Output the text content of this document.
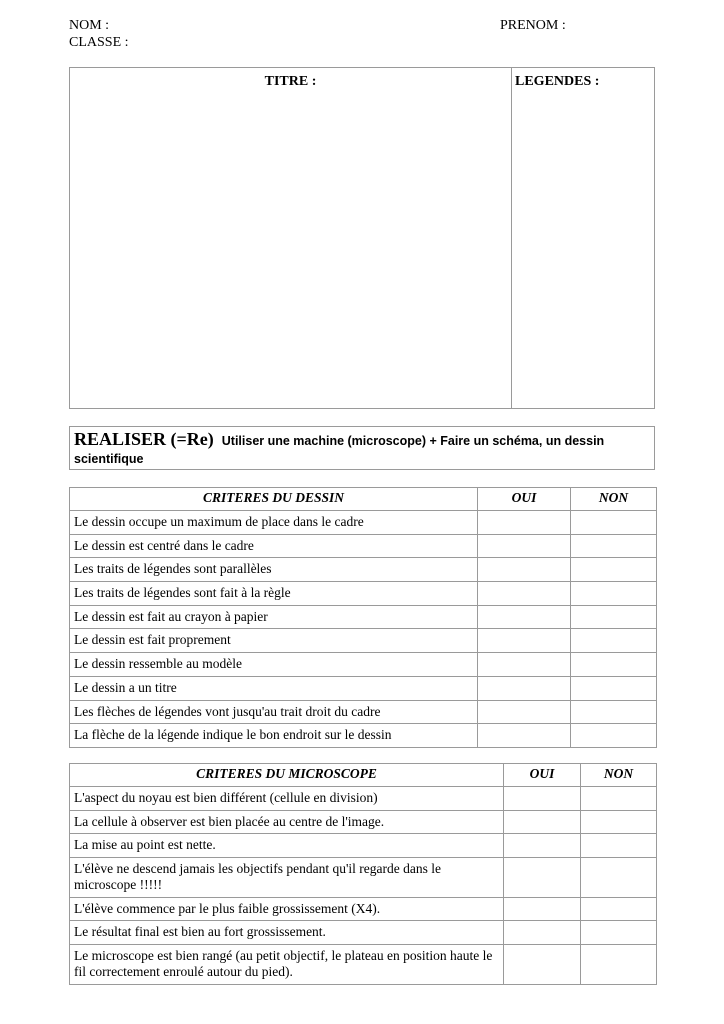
NOM :	PRENOM :
CLASSE :
TITRE :	LEGENDES :
REALISER (=Re) Utiliser une machine (microscope) + Faire un schéma, un dessin scientifique
CRITERES DU DESSIN	OUI	NON
Le dessin occupe un maximum de place dans le cadre		
Le dessin est centré dans le cadre		
Les traits de légendes sont parallèles		
Les traits de légendes sont fait à la règle		
Le dessin est fait au crayon à papier		
Le dessin est fait proprement		
Le dessin ressemble au modèle		
Le dessin a un titre		
Les flèches de légendes vont jusqu'au trait droit du cadre		
La flèche de la légende indique le bon endroit sur le dessin		
CRITERES DU MICROSCOPE	OUI	NON
L'aspect du noyau est bien différent (cellule en division)		
La cellule à observer est bien placée au centre de l'image.		
La mise au point est nette.		
L'élève ne descend jamais les objectifs pendant qu'il regarde dans le microscope !!!!!		
L'élève commence par le plus faible grossissement (X4).		
Le résultat final est bien au fort grossissement.		
Le microscope est bien rangé (au petit objectif, le plateau en position haute le fil correctement enroulé autour du pied).		
